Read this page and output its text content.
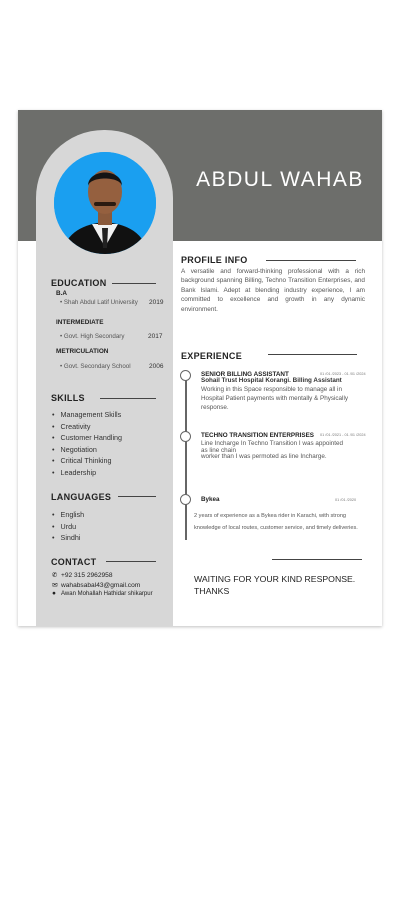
ABDUL WAHAB
PROFILE INFO
A versatile and forward-thinking professional with a rich background spanning Billing, Techno Transition Enterprises, and Bank Islami. Adept at blending industry experience, I am committed to excellence and growth in any dynamic environment.
EDUCATION
B.A
• Shah Abdul Latif University 2019
INTERMEDIATE
• Govt. High Secondary	2017
METRICULATION
• Govt. Secondary School	2006
SKILLS
• Management Skills
• Creativity
• Customer Handling
• Negotiation
• Critical Thinking
• Leadership
LANGUAGES
• English
• Urdu
• Sindhi
CONTACT
✆ +92 315 2962958
✉ wahabsabal43@gmail.com
● Awan Mohallah Hathidar shikarpur
EXPERIENCE
SENIOR BILLING ASSISTANT	01 /01 /2023 - 01 /01 /2024
Sohail Trust Hospital Korangi. Billing Assistant
Working in this Space responsible to manage all in
Hospital Patient payments with mentally & Physically
response.
TECHNO TRANSITION ENTERPRISES 01 /01 /2021 - 01 /01 /2024
Line Incharge In Techno Transition I was appointed
as line chain
worker than I was permoted as line Incharge.
Bykea	01 /01 /2020
2 years of experience as a Bykea rider in Karachi, with strong
knowledge of local routes, customer service, and timely deliveries.
WAITING FOR YOUR KIND RESPONSE. THANKS
